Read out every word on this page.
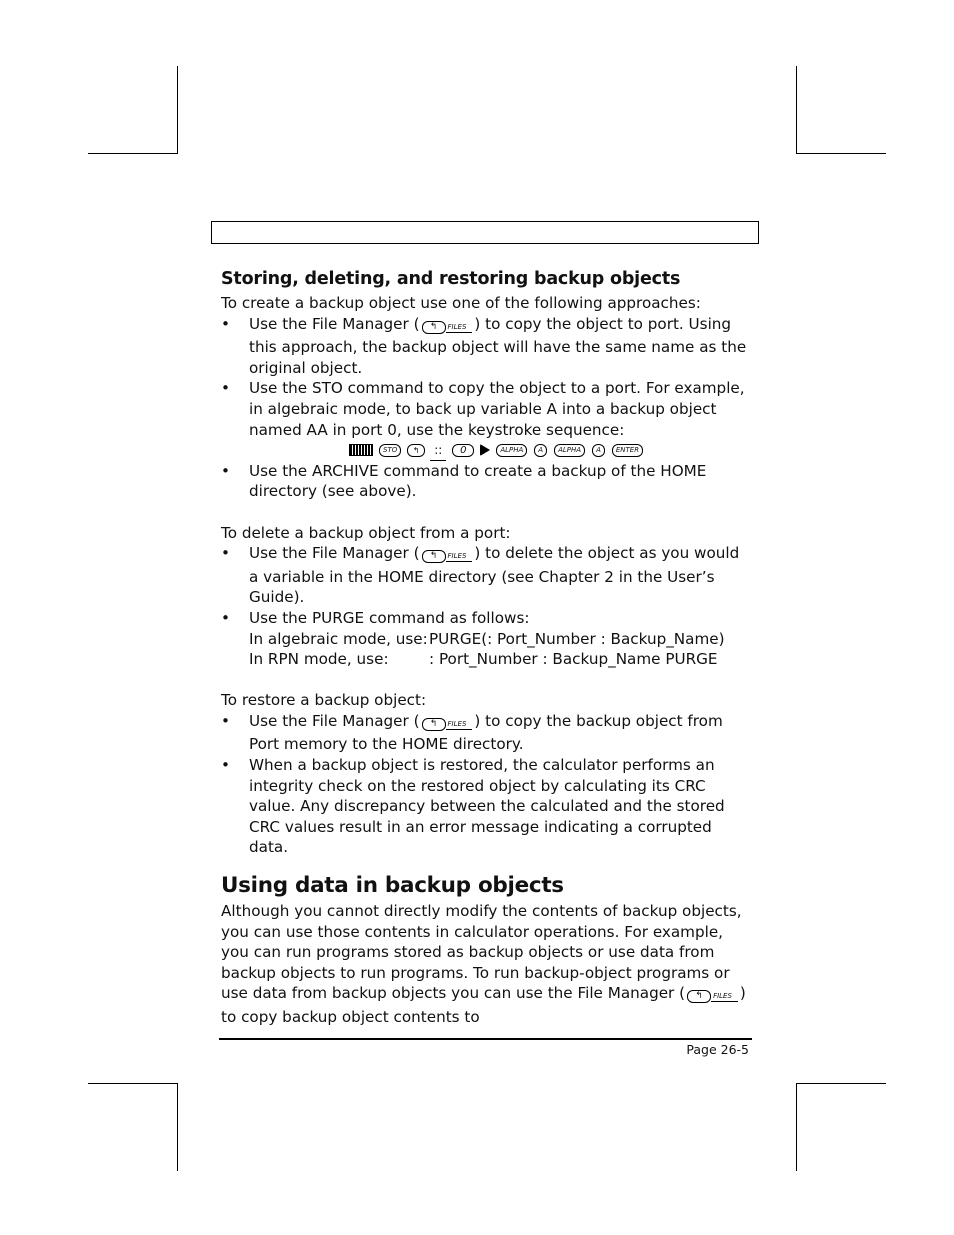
Storing, deleting, and restoring backup objects

To create a backup object use one of the following approaches:

• Use the File Manager ( ↰ FILES ) to copy the object to port. Using this approach, the backup object will have the same name as the original object.
• Use the STO command to copy the object to a port. For example, in algebraic mode, to back up variable A into a backup object named AA in port 0, use the keystroke sequence:
STO	↰	::	0	ALPHA	A	ALPHA	A	ENTER
• Use the ARCHIVE command to create a backup of the HOME directory (see above).

To delete a backup object from a port:

• Use the File Manager ( ↰ FILES ) to delete the object as you would a variable in the HOME directory (see Chapter 2 in the User’s Guide).
• Use the PURGE command as follows:
In algebraic mode, use: PURGE(: Port_Number : Backup_Name)
In RPN mode, use:	: Port_Number : Backup_Name PURGE

To restore a backup object:

• Use the File Manager ( ↰ FILES ) to copy the backup object from Port memory to the HOME directory.
• When a backup object is restored, the calculator performs an integrity check on the restored object by calculating its CRC value. Any discrepancy between the calculated and the stored CRC values result in an error message indicating a corrupted data.
Using data in backup objects

Although you cannot directly modify the contents of backup objects, you can use those contents in calculator operations. For example, you can run programs stored as backup objects or use data from backup objects to run programs. To run backup-object programs or use data from backup objects you can use the File Manager ( ↰ FILES ) to copy backup object contents to

Page 26-5
